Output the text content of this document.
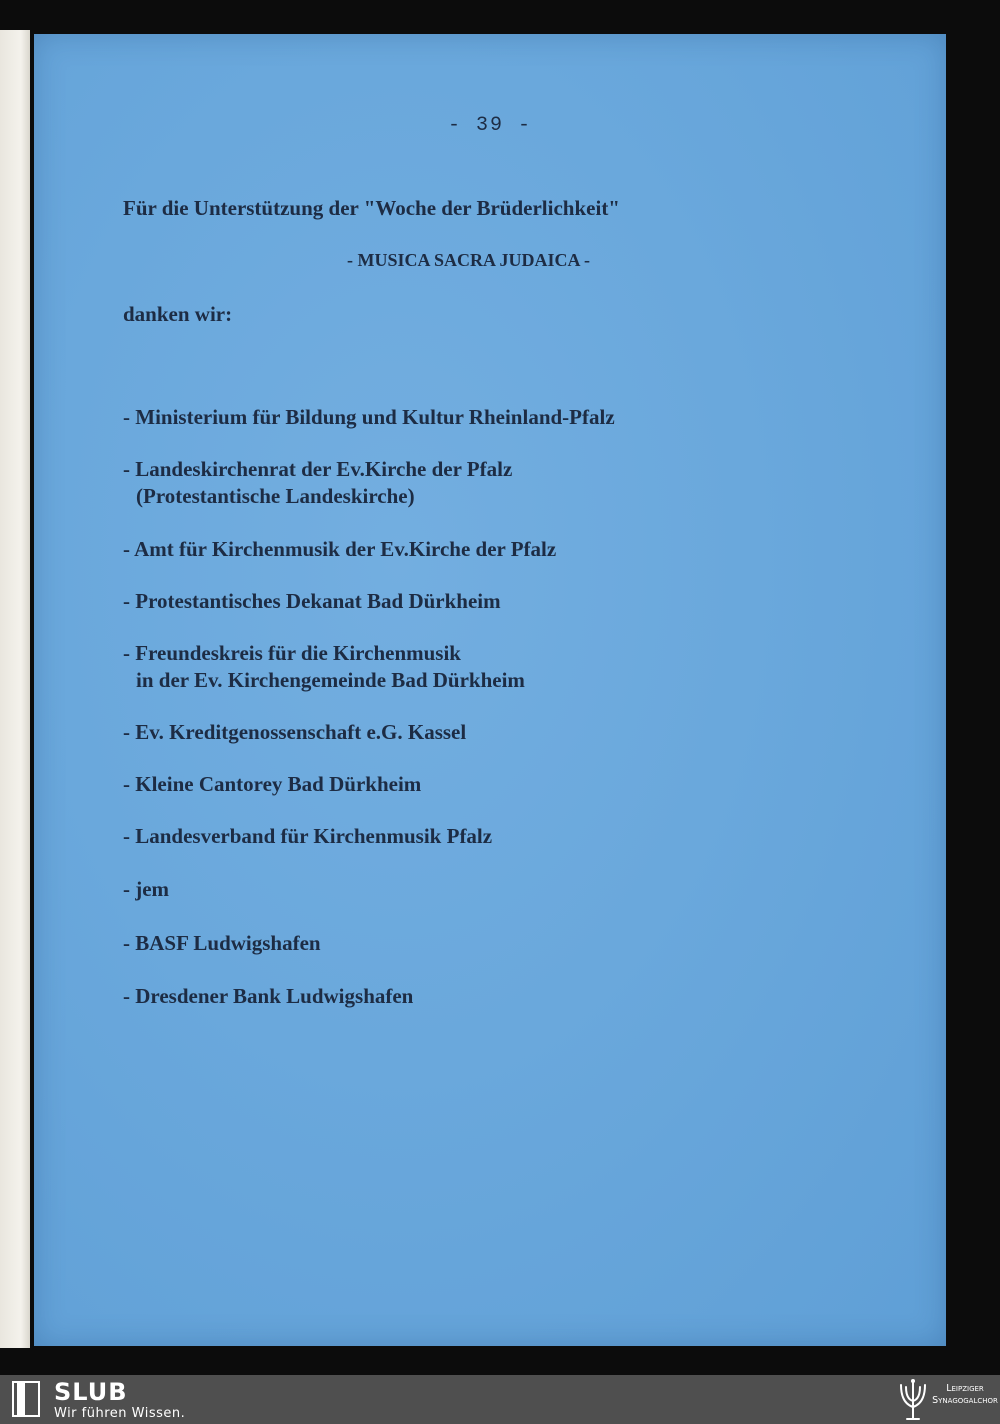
- 39 -
Für die Unterstützung der "Woche der Brüderlichkeit"
- MUSICA SACRA JUDAICA -
danken wir:
- Ministerium für Bildung und Kultur Rheinland-Pfalz
- Landeskirchenrat der Ev.Kirche der Pfalz
(Protestantische Landeskirche)
- Amt für Kirchenmusik der Ev.Kirche der Pfalz
- Protestantisches Dekanat Bad Dürkheim
- Freundeskreis für die Kirchenmusik
in der Ev. Kirchengemeinde Bad Dürkheim
- Ev. Kreditgenossenschaft e.G. Kassel
- Kleine Cantorey Bad Dürkheim
- Landesverband für Kirchenmusik Pfalz
- jem
- BASF Ludwigshafen
- Dresdener Bank Ludwigshafen
SLUB
Wir führen Wissen.
Leipziger
Synagogalchor
